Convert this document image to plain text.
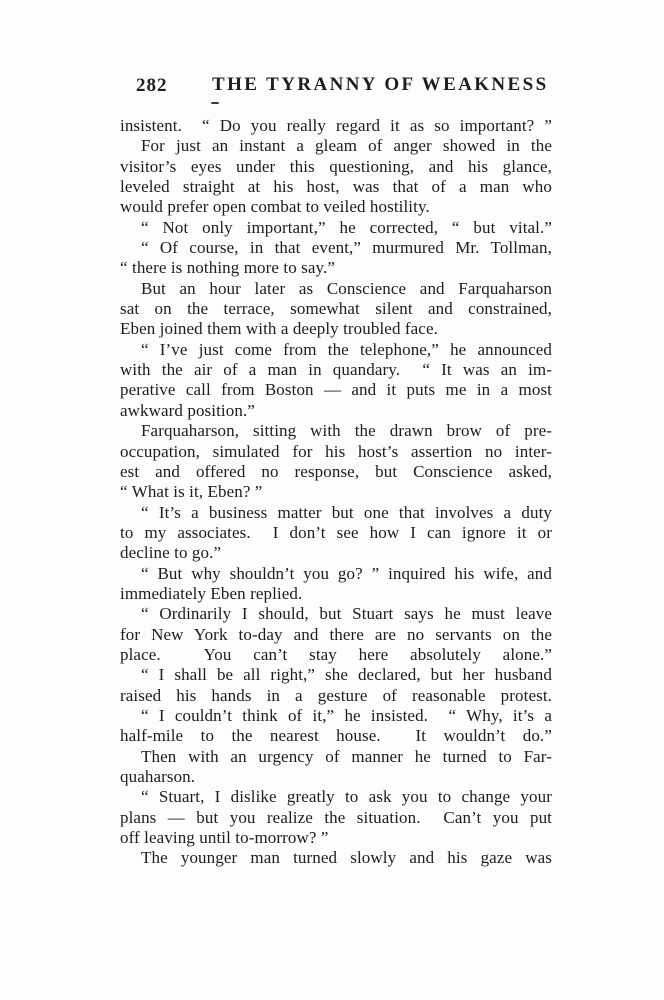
282 THE TYRANNY OF WEAKNESS
insistent.  “ Do you really regard it as so important? ”
For just an instant a gleam of anger showed in the
visitor’s eyes under this questioning, and his glance,
leveled straight at his host, was that of a man who
would prefer open combat to veiled hostility.
“ Not only important,” he corrected, “ but vital.”
“ Of course, in that event,” murmured Mr. Tollman,
“ there is nothing more to say.”
But an hour later as Conscience and Farquaharson
sat on the terrace, somewhat silent and constrained,
Eben joined them with a deeply troubled face.
“ I’ve just come from the telephone,” he announced
with the air of a man in quandary.  “ It was an im-
perative call from Boston — and it puts me in a most
awkward position.”
Farquaharson, sitting with the drawn brow of pre-
occupation, simulated for his host’s assertion no inter-
est and offered no response, but Conscience asked,
“ What is it, Eben? ”
“ It’s a business matter but one that involves a duty
to my associates.  I don’t see how I can ignore it or
decline to go.”
“ But why shouldn’t you go? ” inquired his wife, and
immediately Eben replied.
“ Ordinarily I should, but Stuart says he must leave
for New York to-day and there are no servants on the
place.  You can’t stay here absolutely alone.”
“ I shall be all right,” she declared, but her husband
raised his hands in a gesture of reasonable protest.
“ I couldn’t think of it,” he insisted.  “ Why, it’s a
half-mile to the nearest house.  It wouldn’t do.”
Then with an urgency of manner he turned to Far-
quaharson.
“ Stuart, I dislike greatly to ask you to change your
plans — but you realize the situation.  Can’t you put
off leaving until to-morrow? ”
The younger man turned slowly and his gaze was
